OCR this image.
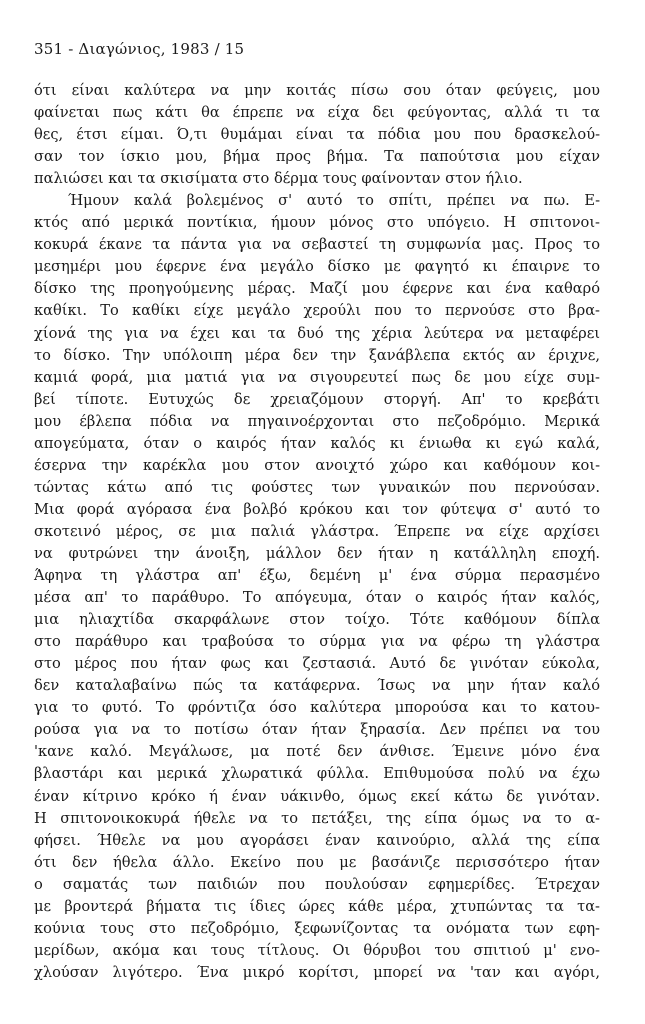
351 - Διαγώνιος, 1983 / 15
ότι είναι καλύτερα να μην κοιτάς πίσω σου όταν φεύγεις, μου
φαίνεται πως κάτι θα έπρεπε να είχα δει φεύγοντας, αλλά τι τα
θες, έτσι είμαι. Ό,τι θυμάμαι είναι τα πόδια μου που δρασκελού-
σαν τον ίσκιο μου, βήμα προς βήμα. Τα παπούτσια μου είχαν
παλιώσει και τα σκισίματα στο δέρμα τους φαίνονταν στον ήλιο.
Ήμουν καλά βολεμένος σ' αυτό το σπίτι, πρέπει να πω. Ε-
κτός από μερικά ποντίκια, ήμουν μόνος στο υπόγειο. Η σπιτονοι-
κοκυρά έκανε τα πάντα για να σεβαστεί τη συμφωνία μας. Προς το
μεσημέρι μου έφερνε ένα μεγάλο δίσκο με φαγητό κι έπαιρνε το
δίσκο της προηγούμενης μέρας. Μαζί μου έφερνε και ένα καθαρό
καθίκι. Το καθίκι είχε μεγάλο χερούλι που το περνούσε στο βρα-
χίονά της για να έχει και τα δυό της χέρια λεύτερα να μεταφέρει
το δίσκο. Την υπόλοιπη μέρα δεν την ξανάβλεπα εκτός αν έριχνε,
καμιά φορά, μια ματιά για να σιγουρευτεί πως δε μου είχε συμ-
βεί τίποτε. Ευτυχώς δε χρειαζόμουν στοργή. Απ' το κρεβάτι
μου έβλεπα πόδια να πηγαινοέρχονται στο πεζοδρόμιο. Μερικά
απογεύματα, όταν ο καιρός ήταν καλός κι ένιωθα κι εγώ καλά,
έσερνα την καρέκλα μου στον ανοιχτό χώρο και καθόμουν κοι-
τώντας κάτω από τις φούστες των γυναικών που περνούσαν.
Μια φορά αγόρασα ένα βολβό κρόκου και τον φύτεψα σ' αυτό το
σκοτεινό μέρος, σε μια παλιά γλάστρα. Έπρεπε να είχε αρχίσει
να φυτρώνει την άνοιξη, μάλλον δεν ήταν η κατάλληλη εποχή.
Άφηνα τη γλάστρα απ' έξω, δεμένη μ' ένα σύρμα περασμένο
μέσα απ' το παράθυρο. Το απόγευμα, όταν ο καιρός ήταν καλός,
μια ηλιαχτίδα σκαρφάλωνε στον τοίχο. Τότε καθόμουν δίπλα
στο παράθυρο και τραβούσα το σύρμα για να φέρω τη γλάστρα
στο μέρος που ήταν φως και ζεστασιά. Αυτό δε γινόταν εύκολα,
δεν καταλαβαίνω πώς τα κατάφερνα. Ίσως να μην ήταν καλό
για το φυτό. Το φρόντιζα όσο καλύτερα μπορούσα και το κατου-
ρούσα για να το ποτίσω όταν ήταν ξηρασία. Δεν πρέπει να του
'κανε καλό. Μεγάλωσε, μα ποτέ δεν άνθισε. Έμεινε μόνο ένα
βλαστάρι και μερικά χλωρατικά φύλλα. Επιθυμούσα πολύ να έχω
έναν κίτρινο κρόκο ή έναν υάκινθο, όμως εκεί κάτω δε γινόταν.
Η σπιτονοικοκυρά ήθελε να το πετάξει, της είπα όμως να το α-
φήσει. Ήθελε να μου αγοράσει έναν καινούριο, αλλά της είπα
ότι δεν ήθελα άλλο. Εκείνο που με βασάνιζε περισσότερο ήταν
ο σαματάς των παιδιών που πουλούσαν εφημερίδες. Έτρεχαν
με βροντερά βήματα τις ίδιες ώρες κάθε μέρα, χτυπώντας τα τα-
κούνια τους στο πεζοδρόμιο, ξεφωνίζοντας τα ονόματα των εφη-
μερίδων, ακόμα και τους τίτλους. Οι θόρυβοι του σπιτιού μ' ενο-
χλούσαν λιγότερο. Ένα μικρό κορίτσι, μπορεί να 'ταν και αγόρι,
